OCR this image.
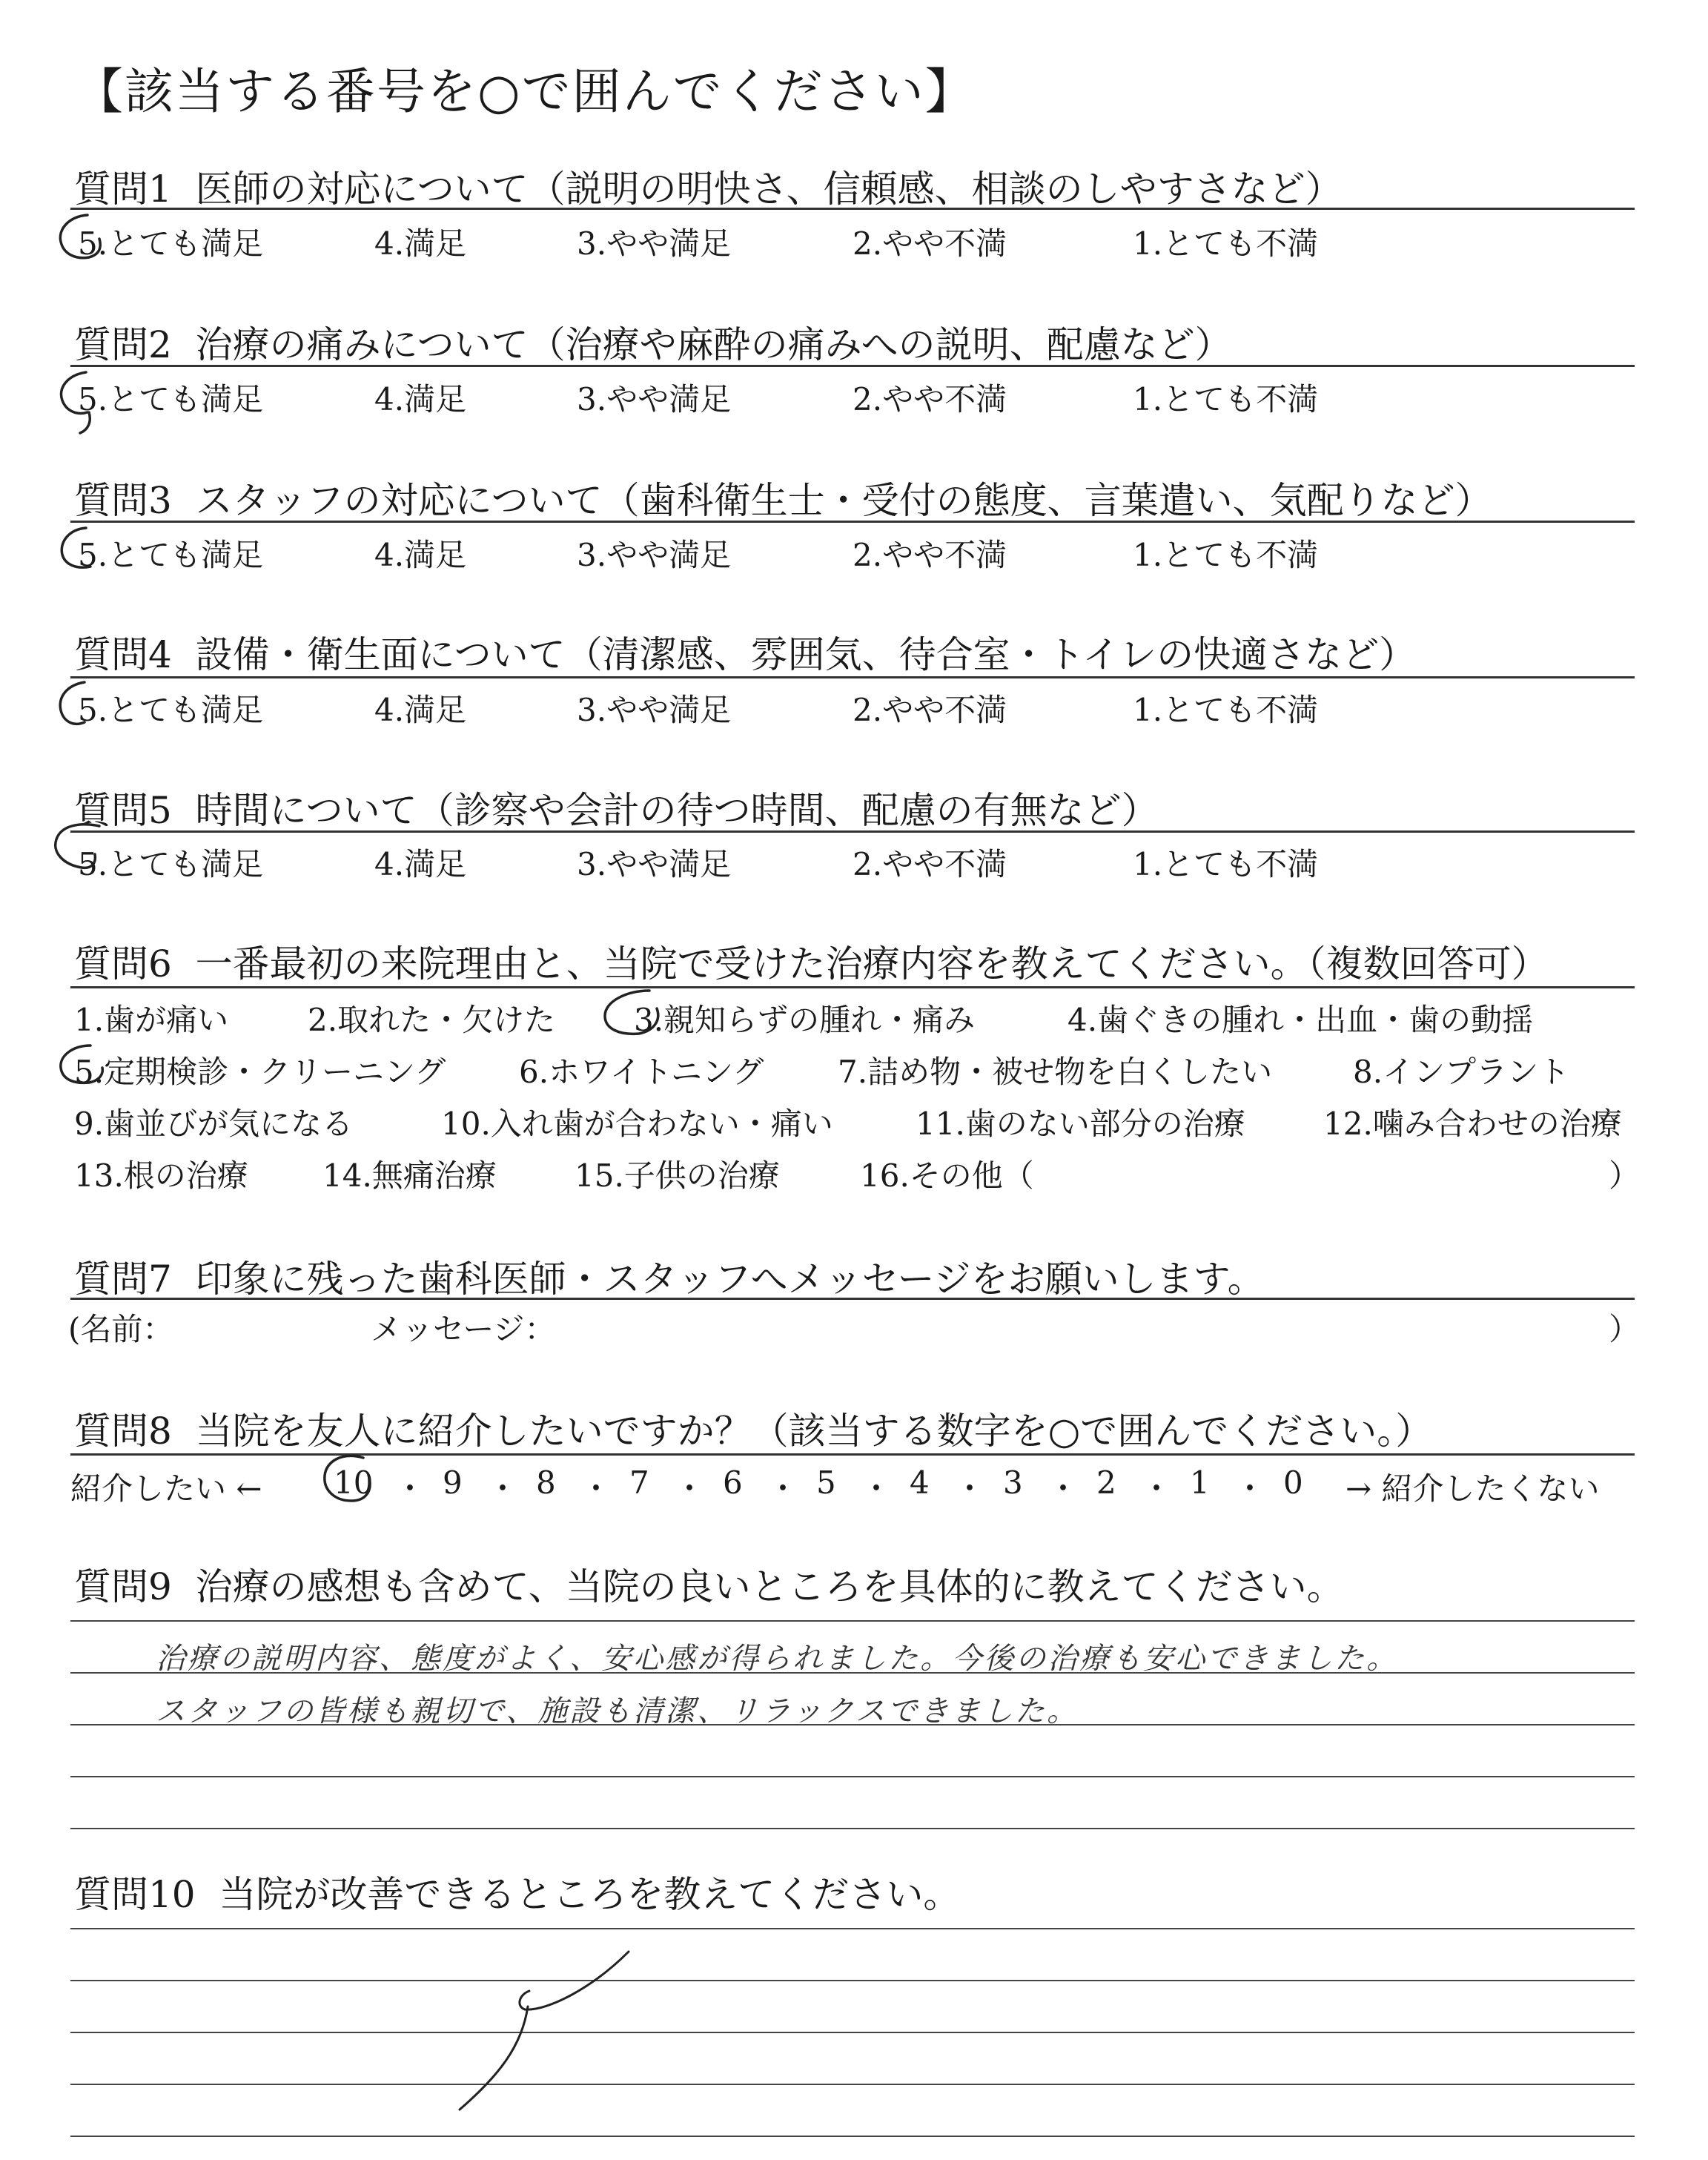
【該当する番号を○で囲んでください】
質問1 医師の対応について（説明の明快さ、信頼感、相談のしやすさなど）
5.とても満足	4.満足	3.やや満足	2.やや不満	1.とても不満
質問2 治療の痛みについて（治療や麻酔の痛みへの説明、配慮など）
5.とても満足	4.満足	3.やや満足	2.やや不満	1.とても不満
質問3 スタッフの対応について（歯科衛生士・受付の態度、言葉遣い、気配りなど）
5.とても満足	4.満足	3.やや満足	2.やや不満	1.とても不満
質問4 設備・衛生面について（清潔感、雰囲気、待合室・トイレの快適さなど）
5.とても満足	4.満足	3.やや満足	2.やや不満	1.とても不満
質問5 時間について（診察や会計の待つ時間、配慮の有無など）
5.とても満足	4.満足	3.やや満足	2.やや不満	1.とても不満
質問6 一番最初の来院理由と、当院で受けた治療内容を教えてください。（複数回答可）
1.歯が痛い	2.取れた・欠けた	3.親知らずの腫れ・痛み	4.歯ぐきの腫れ・出血・歯の動揺
5.定期検診・クリーニング 6.ホワイトニング 7.詰め物・被せ物を白くしたい	8.インプラント
9.歯並びが気になる	10.入れ歯が合わない・痛い	11.歯のない部分の治療	12.噛み合わせの治療
13.根の治療 14.無痛治療	15.子供の治療	16.その他（	）
質問7 印象に残った歯科医師・スタッフへメッセージをお願いします。
(名前：	メッセージ：	）
質問8 当院を友人に紹介したいですか？（該当する数字を○で囲んでください。）
紹介したい ← 10 ・ 9 ・ 8 ・ 7 ・ 6 ・ 5 ・ 4 ・ 3 ・ 2 ・ 1 ・ 0 → 紹介したくない
質問9 治療の感想も含めて、当院の良いところを具体的に教えてください。
治療の説明内容、態度がよく、安心感が得られました。今後の治療も安心できました。
スタッフの皆様も親切で、施設も清潔、リラックスできました。
質問10 当院が改善できるところを教えてください。
